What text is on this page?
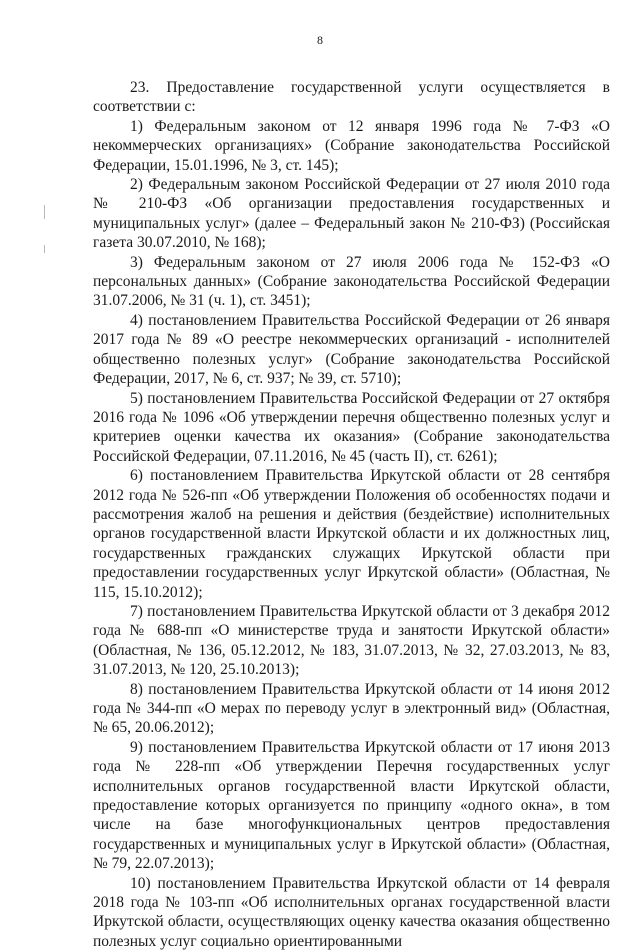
8

23. Предоставление государственной услуги осуществляется в соответствии с:

1) Федеральным законом от 12 января 1996 года № 7-ФЗ «О некоммерческих организациях» (Собрание законодательства Российской Федерации, 15.01.1996, № 3, ст. 145);

2) Федеральным законом Российской Федерации от 27 июля 2010 года № 210-ФЗ «Об организации предоставления государственных и муниципальных услуг» (далее – Федеральный закон № 210-ФЗ) (Российская газета 30.07.2010, № 168);

3) Федеральным законом от 27 июля 2006 года № 152-ФЗ «О персональных данных» (Собрание законодательства Российской Федерации 31.07.2006, № 31 (ч. 1), ст. 3451);

4) постановлением Правительства Российской Федерации от 26 января 2017 года № 89 «О реестре некоммерческих организаций - исполнителей общественно полезных услуг» (Собрание законодательства Российской Федерации, 2017, № 6, ст. 937; № 39, ст. 5710);

5) постановлением Правительства Российской Федерации от 27 октября 2016 года № 1096 «Об утверждении перечня общественно полезных услуг и критериев оценки качества их оказания» (Собрание законодательства Российской Федерации, 07.11.2016, № 45 (часть II), ст. 6261);

6) постановлением Правительства Иркутской области от 28 сентября 2012 года № 526-пп «Об утверждении Положения об особенностях подачи и рассмотрения жалоб на решения и действия (бездействие) исполнительных органов государственной власти Иркутской области и их должностных лиц, государственных гражданских служащих Иркутской области при предоставлении государственных услуг Иркутской области» (Областная, № 115, 15.10.2012);

7) постановлением Правительства Иркутской области от 3 декабря 2012 года № 688-пп «О министерстве труда и занятости Иркутской области» (Областная, № 136, 05.12.2012, № 183, 31.07.2013, № 32, 27.03.2013, № 83, 31.07.2013, № 120, 25.10.2013);

8) постановлением Правительства Иркутской области от 14 июня 2012 года № 344-пп «О мерах по переводу услуг в электронный вид» (Областная, № 65, 20.06.2012);

9) постановлением Правительства Иркутской области от 17 июня 2013 года № 228-пп «Об утверждении Перечня государственных услуг исполнительных органов государственной власти Иркутской области, предоставление которых организуется по принципу «одного окна», в том числе на базе многофункциональных центров предоставления государственных и муниципальных услуг в Иркутской области» (Областная, № 79, 22.07.2013);

10) постановлением Правительства Иркутской области от 14 февраля 2018 года № 103-пп «Об исполнительных органах государственной власти Иркутской области, осуществляющих оценку качества оказания общественно полезных услуг социально ориентированными
